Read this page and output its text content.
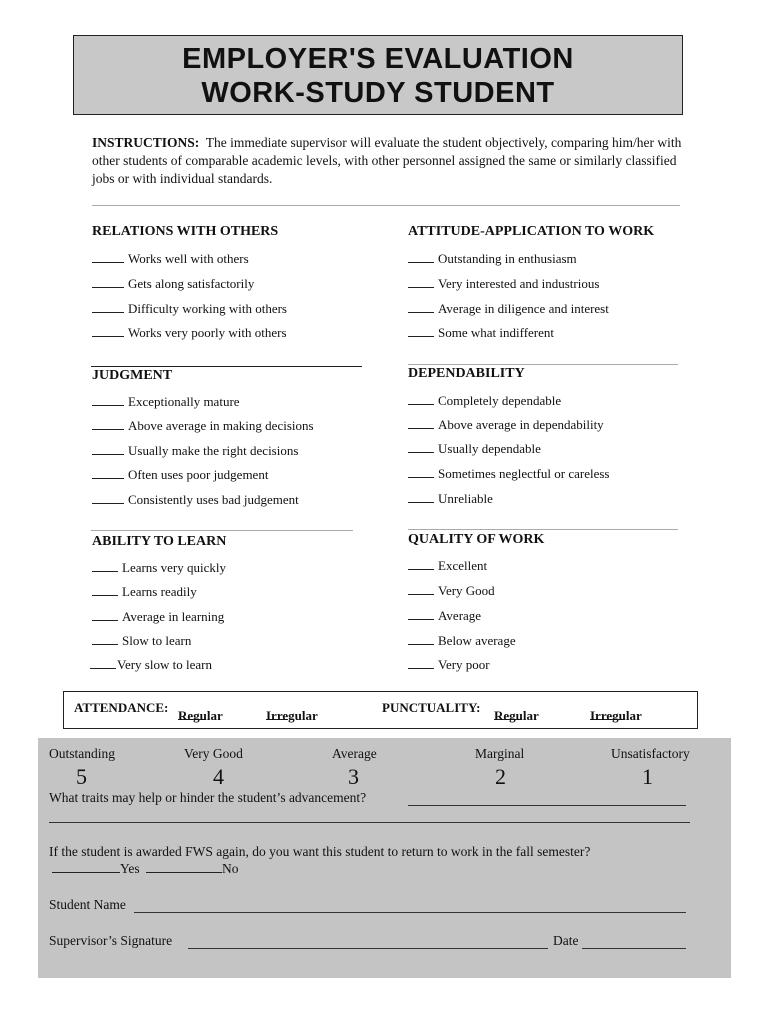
EMPLOYER'S EVALUATION
WORK-STUDY STUDENT
INSTRUCTIONS: The immediate supervisor will evaluate the student objectively, comparing him/her with other students of comparable academic levels, with other personnel assigned the same or similarly classified jobs or with individual standards.
RELATIONS WITH OTHERS
Works well with others
Gets along satisfactorily
Difficulty working with others
Works very poorly with others
ATTITUDE-APPLICATION TO WORK
Outstanding in enthusiasm
Very interested and industrious
Average in diligence and interest
Some what indifferent
JUDGMENT
Exceptionally mature
Above average in making decisions
Usually make the right decisions
Often uses poor judgement
Consistently uses bad judgement
DEPENDABILITY
Completely dependable
Above average in dependability
Usually dependable
Sometimes neglectful or careless
Unreliable
ABILITY TO LEARN
Learns very quickly
Learns readily
Average in learning
Slow to learn
Very slow to learn
QUALITY OF WORK
Excellent
Very Good
Average
Below average
Very poor
ATTENDANCE:
Regular	Irregular
PUNCTUALITY:
Regular	Irregular
Outstanding	Very Good	Average	Marginal	Unsatisfactory
5	4	3	2	1
What traits may help or hinder the student’s advancement?
If the student is awarded FWS again, do you want this student to return to work in the fall semester?
Yes	No
Student Name
Supervisor’s Signature	Date
